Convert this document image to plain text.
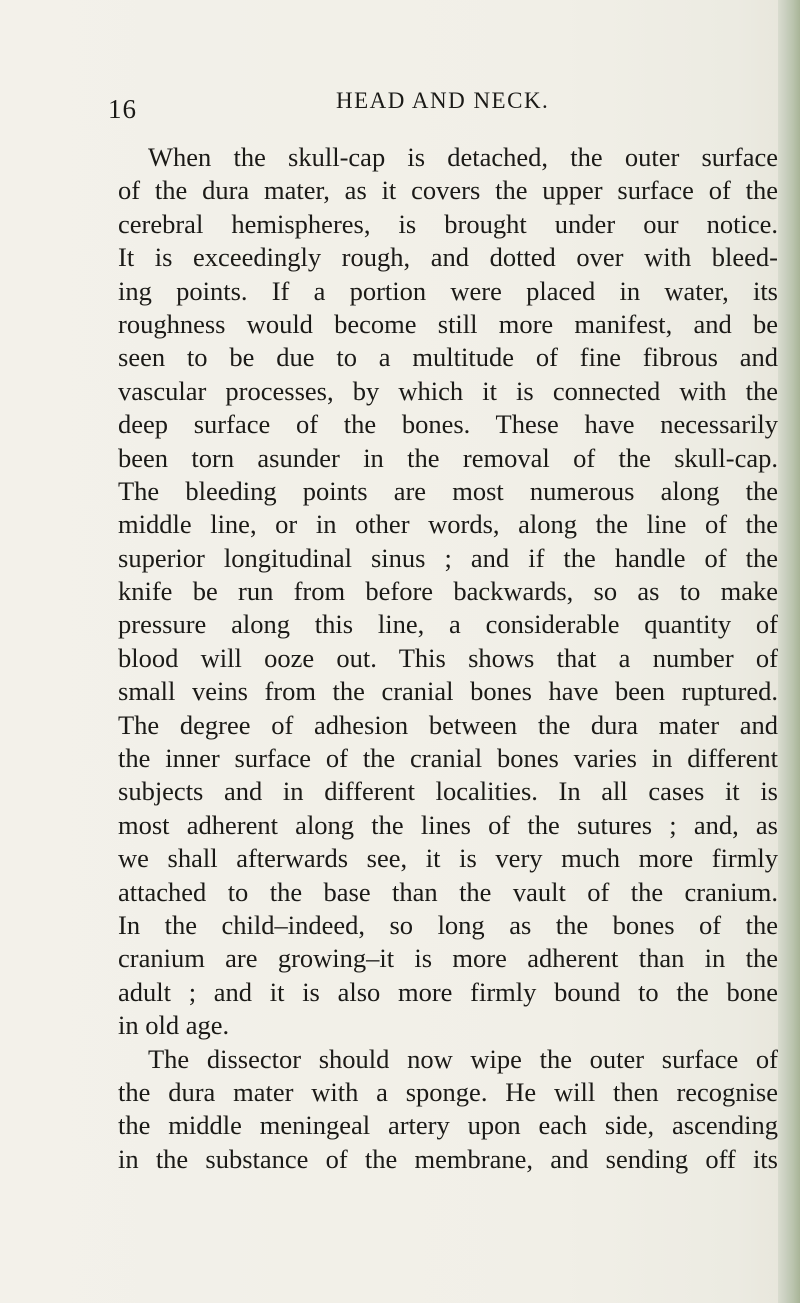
16	HEAD AND NECK.
When the skull-cap is detached, the outer surface
of the dura mater, as it covers the upper surface of the
cerebral hemispheres, is brought under our notice.
It is exceedingly rough, and dotted over with bleed-
ing points. If a portion were placed in water, its
roughness would become still more manifest, and be
seen to be due to a multitude of fine fibrous and
vascular processes, by which it is connected with the
deep surface of the bones. These have necessarily
been torn asunder in the removal of the skull-cap.
The bleeding points are most numerous along the
middle line, or in other words, along the line of the
superior longitudinal sinus ; and if the handle of the
knife be run from before backwards, so as to make
pressure along this line, a considerable quantity of
blood will ooze out. This shows that a number of
small veins from the cranial bones have been ruptured.
The degree of adhesion between the dura mater and
the inner surface of the cranial bones varies in different
subjects and in different localities. In all cases it is
most adherent along the lines of the sutures ; and, as
we shall afterwards see, it is very much more firmly
attached to the base than the vault of the cranium.
In the child–indeed, so long as the bones of the
cranium are growing–it is more adherent than in the
adult ; and it is also more firmly bound to the bone
in old age.
The dissector should now wipe the outer surface of
the dura mater with a sponge. He will then recognise
the middle meningeal artery upon each side, ascending
in the substance of the membrane, and sending off its
